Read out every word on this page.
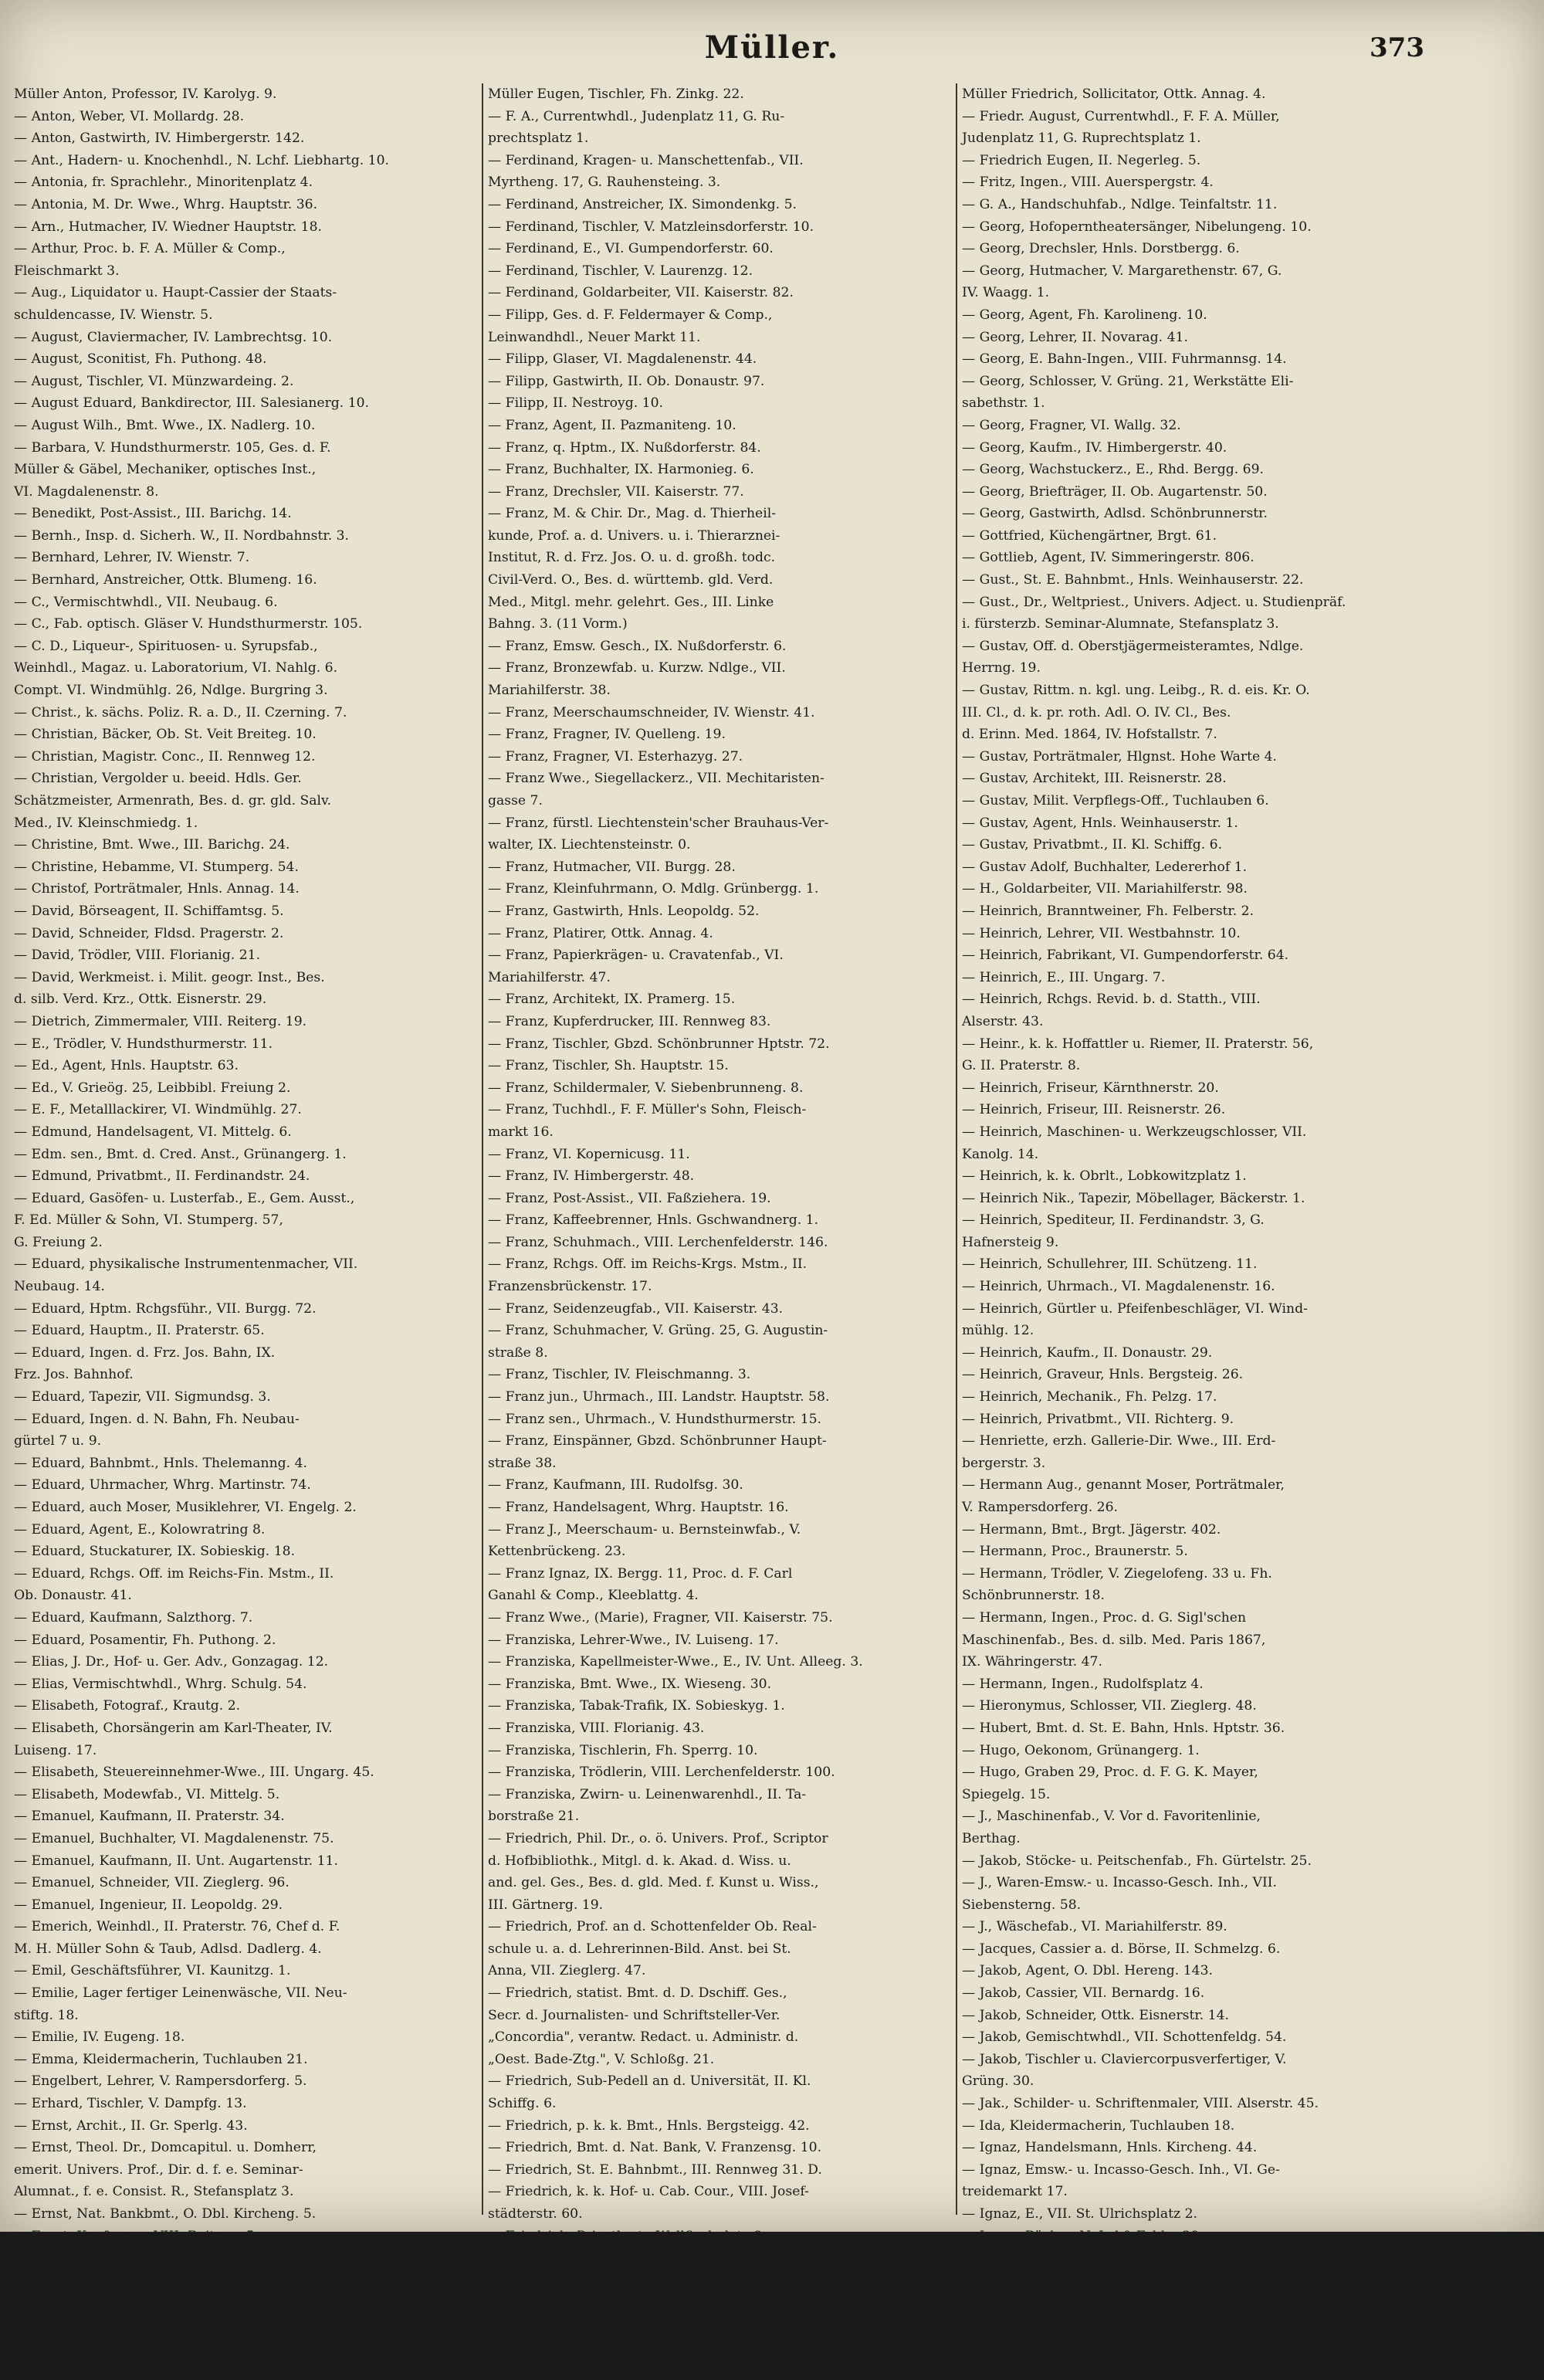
Müller.	373
Müller Anton, Professor, IV. Karolyg. 9.
— Anton, Weber, VI. Mollardg. 28.
— Anton, Gastwirth, IV. Himbergerstr. 142.
— Ant., Hadern- u. Knochenhdl., N. Lchf. Liebhartg. 10.
— Antonia, fr. Sprachlehr., Minoritenplatz 4.
— Antonia, M. Dr. Wwe., Whrg. Hauptstr. 36.
— Arn., Hutmacher, IV. Wiedner Hauptstr. 18.
— Arthur, Proc. b. F. A. Müller & Comp.,
Fleischmarkt 3.
— Aug., Liquidator u. Haupt-Cassier der Staats-
schuldencasse, IV. Wienstr. 5.
— August, Claviermacher, IV. Lambrechtsg. 10.
— August, Sconitist, Fh. Puthong. 48.
— August, Tischler, VI. Münzwardeing. 2.
— August Eduard, Bankdirector, III. Salesianerg. 10.
— August Wilh., Bmt. Wwe., IX. Nadlerg. 10.
— Barbara, V. Hundsthurmerstr. 105, Ges. d. F.
Müller & Gäbel, Mechaniker, optisches Inst.,
VI. Magdalenenstr. 8.
— Benedikt, Post-Assist., III. Barichg. 14.
— Bernh., Insp. d. Sicherh. W., II. Nordbahnstr. 3.
— Bernhard, Lehrer, IV. Wienstr. 7.
— Bernhard, Anstreicher, Ottk. Blumeng. 16.
— C., Vermischtwhdl., VII. Neubaug. 6.
— C., Fab. optisch. Gläser V. Hundsthurmerstr. 105.
— C. D., Liqueur-, Spirituosen- u. Syrupsfab.,
Weinhdl., Magaz. u. Laboratorium, VI. Nahlg. 6.
Compt. VI. Windmühlg. 26, Ndlge. Burgring 3.
— Christ., k. sächs. Poliz. R. a. D., II. Czerning. 7.
— Christian, Bäcker, Ob. St. Veit Breiteg. 10.
— Christian, Magistr. Conc., II. Rennweg 12.
— Christian, Vergolder u. beeid. Hdls. Ger.
Schätzmeister, Armenrath, Bes. d. gr. gld. Salv.
Med., IV. Kleinschmiedg. 1.
— Christine, Bmt. Wwe., III. Barichg. 24.
— Christine, Hebamme, VI. Stumperg. 54.
— Christof, Porträtmaler, Hnls. Annag. 14.
— David, Börseagent, II. Schiffamtsg. 5.
— David, Schneider, Fldsd. Pragerstr. 2.
— David, Trödler, VIII. Florianig. 21.
— David, Werkmeist. i. Milit. geogr. Inst., Bes.
d. silb. Verd. Krz., Ottk. Eisnerstr. 29.
— Dietrich, Zimmermaler, VIII. Reiterg. 19.
— E., Trödler, V. Hundsthurmerstr. 11.
— Ed., Agent, Hnls. Hauptstr. 63.
— Ed., V. Grieög. 25, Leibbibl. Freiung 2.
— E. F., Metalllackirer, VI. Windmühlg. 27.
— Edmund, Handelsagent, VI. Mittelg. 6.
— Edm. sen., Bmt. d. Cred. Anst., Grünangerg. 1.
— Edmund, Privatbmt., II. Ferdinandstr. 24.
— Eduard, Gasöfen- u. Lusterfab., E., Gem. Ausst.,
F. Ed. Müller & Sohn, VI. Stumperg. 57,
G. Freiung 2.
— Eduard, physikalische Instrumentenmacher, VII.
Neubaug. 14.
— Eduard, Hptm. Rchgsführ., VII. Burgg. 72.
— Eduard, Hauptm., II. Praterstr. 65.
— Eduard, Ingen. d. Frz. Jos. Bahn, IX.
Frz. Jos. Bahnhof.
— Eduard, Tapezir, VII. Sigmundsg. 3.
— Eduard, Ingen. d. N. Bahn, Fh. Neubau-
gürtel 7 u. 9.
— Eduard, Bahnbmt., Hnls. Thelemanng. 4.
— Eduard, Uhrmacher, Whrg. Martinstr. 74.
— Eduard, auch Moser, Musiklehrer, VI. Engelg. 2.
— Eduard, Agent, E., Kolowratring 8.
— Eduard, Stuckaturer, IX. Sobieskig. 18.
— Eduard, Rchgs. Off. im Reichs-Fin. Mstm., II.
Ob. Donaustr. 41.
— Eduard, Kaufmann, Salzthorg. 7.
— Eduard, Posamentir, Fh. Puthong. 2.
— Elias, J. Dr., Hof- u. Ger. Adv., Gonzagag. 12.
— Elias, Vermischtwhdl., Whrg. Schulg. 54.
— Elisabeth, Fotograf., Krautg. 2.
— Elisabeth, Chorsängerin am Karl-Theater, IV.
Luiseng. 17.
— Elisabeth, Steuereinnehmer-Wwe., III. Ungarg. 45.
— Elisabeth, Modewfab., VI. Mittelg. 5.
— Emanuel, Kaufmann, II. Praterstr. 34.
— Emanuel, Buchhalter, VI. Magdalenenstr. 75.
— Emanuel, Kaufmann, II. Unt. Augartenstr. 11.
— Emanuel, Schneider, VII. Zieglerg. 96.
— Emanuel, Ingenieur, II. Leopoldg. 29.
— Emerich, Weinhdl., II. Praterstr. 76, Chef d. F.
M. H. Müller Sohn & Taub, Adlsd. Dadlerg. 4.
— Emil, Geschäftsführer, VI. Kaunitzg. 1.
— Emilie, Lager fertiger Leinenwäsche, VII. Neu-
stiftg. 18.
— Emilie, IV. Eugeng. 18.
— Emma, Kleidermacherin, Tuchlauben 21.
— Engelbert, Lehrer, V. Rampersdorferg. 5.
— Erhard, Tischler, V. Dampfg. 13.
— Ernst, Archit., II. Gr. Sperlg. 43.
— Ernst, Theol. Dr., Domcapitul. u. Domherr,
emerit. Univers. Prof., Dir. d. f. e. Seminar-
Alumnat., f. e. Consist. R., Stefansplatz 3.
— Ernst, Nat. Bankbmt., O. Dbl. Kircheng. 5.
— Ernst, Kaufmann, VIII. Reiterg. 5.
— Esther, Hebamme, II. Gr. Stadtgutg. 15.
— Eugen, Oberst, Gen. Stabs-Offiz., zugeth. Sr. k.
Hoh. Erzh. Albrecht, R. d. eis. Kr. III. Cl.,
(Krgs. Dec.), Bes. d. Milit. Verd. Krz. (Krgs.
Dec.), d. silb. Tapf. Med. u. a. h. Z., R. d. r.
Ann. O. II. Cl. u. d. r. Wld. O. III. Cl., Hofgarteng. 3.
Müller Eugen, Tischler, Fh. Zinkg. 22.
— F. A., Currentwhdl., Judenplatz 11, G. Ru-
prechtsplatz 1.
— Ferdinand, Kragen- u. Manschettenfab., VII.
Myrtheng. 17, G. Rauhensteing. 3.
— Ferdinand, Anstreicher, IX. Simondenkg. 5.
— Ferdinand, Tischler, V. Matzleinsdorferstr. 10.
— Ferdinand, E., VI. Gumpendorferstr. 60.
— Ferdinand, Tischler, V. Laurenzg. 12.
— Ferdinand, Goldarbeiter, VII. Kaiserstr. 82.
— Filipp, Ges. d. F. Feldermayer & Comp.,
Leinwandhdl., Neuer Markt 11.
— Filipp, Glaser, VI. Magdalenenstr. 44.
— Filipp, Gastwirth, II. Ob. Donaustr. 97.
— Filipp, II. Nestroyg. 10.
— Franz, Agent, II. Pazmaniteng. 10.
— Franz, q. Hptm., IX. Nußdorferstr. 84.
— Franz, Buchhalter, IX. Harmonieg. 6.
— Franz, Drechsler, VII. Kaiserstr. 77.
— Franz, M. & Chir. Dr., Mag. d. Thierheil-
kunde, Prof. a. d. Univers. u. i. Thierarznei-
Institut, R. d. Frz. Jos. O. u. d. großh. todc.
Civil-Verd. O., Bes. d. württemb. gld. Verd.
Med., Mitgl. mehr. gelehrt. Ges., III. Linke
Bahng. 3. (11 Vorm.)
— Franz, Emsw. Gesch., IX. Nußdorferstr. 6.
— Franz, Bronzewfab. u. Kurzw. Ndlge., VII.
Mariahilferstr. 38.
— Franz, Meerschaumschneider, IV. Wienstr. 41.
— Franz, Fragner, IV. Quelleng. 19.
— Franz, Fragner, VI. Esterhazyg. 27.
— Franz Wwe., Siegellackerz., VII. Mechitaristen-
gasse 7.
— Franz, fürstl. Liechtenstein'scher Brauhaus-Ver-
walter, IX. Liechtensteinstr. 0.
— Franz, Hutmacher, VII. Burgg. 28.
— Franz, Kleinfuhrmann, O. Mdlg. Grünbergg. 1.
— Franz, Gastwirth, Hnls. Leopoldg. 52.
— Franz, Platirer, Ottk. Annag. 4.
— Franz, Papierkrägen- u. Cravatenfab., VI.
Mariahilferstr. 47.
— Franz, Architekt, IX. Pramerg. 15.
— Franz, Kupferdrucker, III. Rennweg 83.
— Franz, Tischler, Gbzd. Schönbrunner Hptstr. 72.
— Franz, Tischler, Sh. Hauptstr. 15.
— Franz, Schildermaler, V. Siebenbrunneng. 8.
— Franz, Tuchhdl., F. F. Müller's Sohn, Fleisch-
markt 16.
— Franz, VI. Kopernicusg. 11.
— Franz, IV. Himbergerstr. 48.
— Franz, Post-Assist., VII. Faßziehera. 19.
— Franz, Kaffeebrenner, Hnls. Gschwandnerg. 1.
— Franz, Schuhmach., VIII. Lerchenfelderstr. 146.
— Franz, Rchgs. Off. im Reichs-Krgs. Mstm., II.
Franzensbrückenstr. 17.
— Franz, Seidenzeugfab., VII. Kaiserstr. 43.
— Franz, Schuhmacher, V. Grüng. 25, G. Augustin-
straße 8.
— Franz, Tischler, IV. Fleischmanng. 3.
— Franz jun., Uhrmach., III. Landstr. Hauptstr. 58.
— Franz sen., Uhrmach., V. Hundsthurmerstr. 15.
— Franz, Einspänner, Gbzd. Schönbrunner Haupt-
straße 38.
— Franz, Kaufmann, III. Rudolfsg. 30.
— Franz, Handelsagent, Whrg. Hauptstr. 16.
— Franz J., Meerschaum- u. Bernsteinwfab., V.
Kettenbrückeng. 23.
— Franz Ignaz, IX. Bergg. 11, Proc. d. F. Carl
Ganahl & Comp., Kleeblattg. 4.
— Franz Wwe., (Marie), Fragner, VII. Kaiserstr. 75.
— Franziska, Lehrer-Wwe., IV. Luiseng. 17.
— Franziska, Kapellmeister-Wwe., E., IV. Unt. Alleeg. 3.
— Franziska, Bmt. Wwe., IX. Wieseng. 30.
— Franziska, Tabak-Trafik, IX. Sobieskyg. 1.
— Franziska, VIII. Florianig. 43.
— Franziska, Tischlerin, Fh. Sperrg. 10.
— Franziska, Trödlerin, VIII. Lerchenfelderstr. 100.
— Franziska, Zwirn- u. Leinenwarenhdl., II. Ta-
borstraße 21.
— Friedrich, Phil. Dr., o. ö. Univers. Prof., Scriptor
d. Hofbibliothk., Mitgl. d. k. Akad. d. Wiss. u.
and. gel. Ges., Bes. d. gld. Med. f. Kunst u. Wiss.,
III. Gärtnerg. 19.
— Friedrich, Prof. an d. Schottenfelder Ob. Real-
schule u. a. d. Lehrerinnen-Bild. Anst. bei St.
Anna, VII. Zieglerg. 47.
— Friedrich, statist. Bmt. d. D. Dschiff. Ges.,
Secr. d. Journalisten- und Schriftsteller-Ver.
„Concordia", verantw. Redact. u. Administr. d.
„Oest. Bade-Ztg.", V. Schloßg. 21.
— Friedrich, Sub-Pedell an d. Universität, II. Kl.
Schiffg. 6.
— Friedrich, p. k. k. Bmt., Hnls. Bergsteigg. 42.
— Friedrich, Bmt. d. Nat. Bank, V. Franzensg. 10.
— Friedrich, St. E. Bahnbmt., III. Rennweg 31. D.
— Friedrich, k. k. Hof- u. Cab. Cour., VIII. Josef-
städterstr. 60.
— Friedrich, Privatbmt., Wallfischplatz 8.
— Friedrich, Rit. v., Obstlt. u. Vorst. d. VI. Ab-
theil. d. Rchs. Krgs. Mstm., R. d. eis. Kr. III. Cl.,
Bes. d. Mil. Verd. Kr. (Kgs. Dec.), IV. Wienstr. 15.
— Friedrich, S. Bahn-Rechnungsführer, IV. Wiedn.
Hauptstr. 73.
— Friedrich, VI. Bürgerspitalg. 7.
Müller Friedrich, Sollicitator, Ottk. Annag. 4.
— Friedr. August, Currentwhdl., F. F. A. Müller,
Judenplatz 11, G. Ruprechtsplatz 1.
— Friedrich Eugen, II. Negerleg. 5.
— Fritz, Ingen., VIII. Auerspergstr. 4.
— G. A., Handschuhfab., Ndlge. Teinfaltstr. 11.
— Georg, Hofoperntheatersänger, Nibelungeng. 10.
— Georg, Drechsler, Hnls. Dorstbergg. 6.
— Georg, Hutmacher, V. Margarethenstr. 67, G.
IV. Waagg. 1.
— Georg, Agent, Fh. Karolineng. 10.
— Georg, Lehrer, II. Novarag. 41.
— Georg, E. Bahn-Ingen., VIII. Fuhrmannsg. 14.
— Georg, Schlosser, V. Grüng. 21, Werkstätte Eli-
sabethstr. 1.
— Georg, Fragner, VI. Wallg. 32.
— Georg, Kaufm., IV. Himbergerstr. 40.
— Georg, Wachstuckerz., E., Rhd. Bergg. 69.
— Georg, Briefträger, II. Ob. Augartenstr. 50.
— Georg, Gastwirth, Adlsd. Schönbrunnerstr.
— Gottfried, Küchengärtner, Brgt. 61.
— Gottlieb, Agent, IV. Simmeringerstr. 806.
— Gust., St. E. Bahnbmt., Hnls. Weinhauserstr. 22.
— Gust., Dr., Weltpriest., Univers. Adject. u. Studienpräf.
i. fürsterzb. Seminar-Alumnate, Stefansplatz 3.
— Gustav, Off. d. Oberstjägermeisteramtes, Ndlge.
Herrng. 19.
— Gustav, Rittm. n. kgl. ung. Leibg., R. d. eis. Kr. O.
III. Cl., d. k. pr. roth. Adl. O. IV. Cl., Bes.
d. Erinn. Med. 1864, IV. Hofstallstr. 7.
— Gustav, Porträtmaler, Hlgnst. Hohe Warte 4.
— Gustav, Architekt, III. Reisnerstr. 28.
— Gustav, Milit. Verpflegs-Off., Tuchlauben 6.
— Gustav, Agent, Hnls. Weinhauserstr. 1.
— Gustav, Privatbmt., II. Kl. Schiffg. 6.
— Gustav Adolf, Buchhalter, Ledererhof 1.
— H., Goldarbeiter, VII. Mariahilferstr. 98.
— Heinrich, Branntweiner, Fh. Felberstr. 2.
— Heinrich, Lehrer, VII. Westbahnstr. 10.
— Heinrich, Fabrikant, VI. Gumpendorferstr. 64.
— Heinrich, E., III. Ungarg. 7.
— Heinrich, Rchgs. Revid. b. d. Statth., VIII.
Alserstr. 43.
— Heinr., k. k. Hoffattler u. Riemer, II. Praterstr. 56,
G. II. Praterstr. 8.
— Heinrich, Friseur, Kärnthnerstr. 20.
— Heinrich, Friseur, III. Reisnerstr. 26.
— Heinrich, Maschinen- u. Werkzeugschlosser, VII.
Kanolg. 14.
— Heinrich, k. k. Obrlt., Lobkowitzplatz 1.
— Heinrich Nik., Tapezir, Möbellager, Bäckerstr. 1.
— Heinrich, Spediteur, II. Ferdinandstr. 3, G.
Hafnersteig 9.
— Heinrich, Schullehrer, III. Schützeng. 11.
— Heinrich, Uhrmach., VI. Magdalenenstr. 16.
— Heinrich, Gürtler u. Pfeifenbeschläger, VI. Wind-
mühlg. 12.
— Heinrich, Kaufm., II. Donaustr. 29.
— Heinrich, Graveur, Hnls. Bergsteig. 26.
— Heinrich, Mechanik., Fh. Pelzg. 17.
— Heinrich, Privatbmt., VII. Richterg. 9.
— Henriette, erzh. Gallerie-Dir. Wwe., III. Erd-
bergerstr. 3.
— Hermann Aug., genannt Moser, Porträtmaler,
V. Rampersdorferg. 26.
— Hermann, Bmt., Brgt. Jägerstr. 402.
— Hermann, Proc., Braunerstr. 5.
— Hermann, Trödler, V. Ziegelofeng. 33 u. Fh.
Schönbrunnerstr. 18.
— Hermann, Ingen., Proc. d. G. Sigl'schen
Maschinenfab., Bes. d. silb. Med. Paris 1867,
IX. Währingerstr. 47.
— Hermann, Ingen., Rudolfsplatz 4.
— Hieronymus, Schlosser, VII. Zieglerg. 48.
— Hubert, Bmt. d. St. E. Bahn, Hnls. Hptstr. 36.
— Hugo, Oekonom, Grünangerg. 1.
— Hugo, Graben 29, Proc. d. F. G. K. Mayer,
Spiegelg. 15.
— J., Maschinenfab., V. Vor d. Favoritenlinie,
Berthag.
— Jakob, Stöcke- u. Peitschenfab., Fh. Gürtelstr. 25.
— J., Waren-Emsw.- u. Incasso-Gesch. Inh., VII.
Siebensterng. 58.
— J., Wäschefab., VI. Mariahilferstr. 89.
— Jacques, Cassier a. d. Börse, II. Schmelzg. 6.
— Jakob, Agent, O. Dbl. Hereng. 143.
— Jakob, Cassier, VII. Bernardg. 16.
— Jakob, Schneider, Ottk. Eisnerstr. 14.
— Jakob, Gemischtwhdl., VII. Schottenfeldg. 54.
— Jakob, Tischler u. Claviercorpusverfertiger, V.
Grüng. 30.
— Jak., Schilder- u. Schriftenmaler, VIII. Alserstr. 45.
— Ida, Kleidermacherin, Tuchlauben 18.
— Ignaz, Handelsmann, Hnls. Kircheng. 44.
— Ignaz, Emsw.- u. Incasso-Gesch. Inh., VI. Ge-
treidemarkt 17.
— Ignaz, E., VII. St. Ulrichsplatz 2.
— Ignaz, Bäcker, N. Lchf. Feldg. 29.
— Ignaz, Korbflechter, Fh. Zinkg. 18.
— Ignaz, Magistr. Tax-Amtsr., III. Kollerg. 5.
— Ignaz, Schuhmacher, VI. Mollardg. 64.
— Joachim, Ges. d. F. Müller & Fischer, Waren-
Emsw.hdl. u. Erz. gedruckter Cottone u. Tücheln,
Rudolfsplatz 4.
